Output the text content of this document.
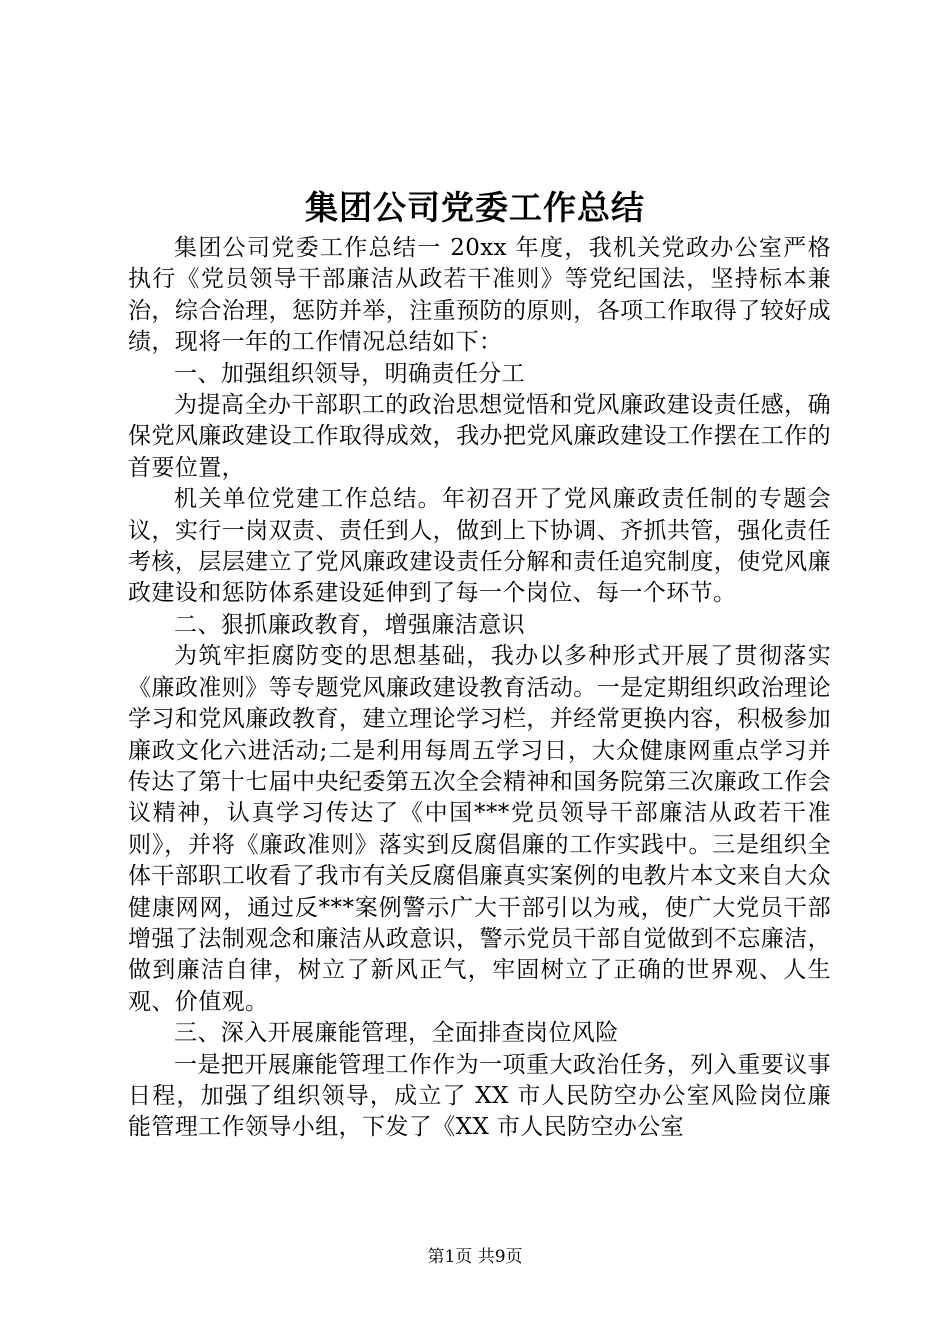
集团公司党委工作总结

集团公司党委工作总结一 20xx 年度，我机关党政办公室严格执行《党员领导干部廉洁从政若干准则》等党纪国法，坚持标本兼治，综合治理，惩防并举，注重预防的原则，各项工作取得了较好成绩，现将一年的工作情况总结如下：

一、加强组织领导，明确责任分工

为提高全办干部职工的政治思想觉悟和党风廉政建设责任感，确保党风廉政建设工作取得成效，我办把党风廉政建设工作摆在工作的首要位置，

机关单位党建工作总结。年初召开了党风廉政责任制的专题会议，实行一岗双责、责任到人，做到上下协调、齐抓共管，强化责任考核，层层建立了党风廉政建设责任分解和责任追究制度，使党风廉政建设和惩防体系建设延伸到了每一个岗位、每一个环节。

二、狠抓廉政教育，增强廉洁意识

为筑牢拒腐防变的思想基础，我办以多种形式开展了贯彻落实《廉政准则》等专题党风廉政建设教育活动。一是定期组织政治理论学习和党风廉政教育，建立理论学习栏，并经常更换内容，积极参加廉政文化六进活动;二是利用每周五学习日，大众健康网重点学习并传达了第十七届中央纪委第五次全会精神和国务院第三次廉政工作会议精神，认真学习传达了《中国***党员领导干部廉洁从政若干准则》，并将《廉政准则》落实到反腐倡廉的工作实践中。三是组织全体干部职工收看了我市有关反腐倡廉真实案例的电教片本文来自大众健康网网，通过反***案例警示广大干部引以为戒，使广大党员干部增强了法制观念和廉洁从政意识，警示党员干部自觉做到不忘廉洁，做到廉洁自律，树立了新风正气，牢固树立了正确的世界观、人生观、价值观。

三、深入开展廉能管理，全面排查岗位风险

一是把开展廉能管理工作作为一项重大政治任务，列入重要议事日程，加强了组织领导，成立了 XX 市人民防空办公室风险岗位廉能管理工作领导小组，下发了《XX 市人民防空办公室

第1页 共9页
